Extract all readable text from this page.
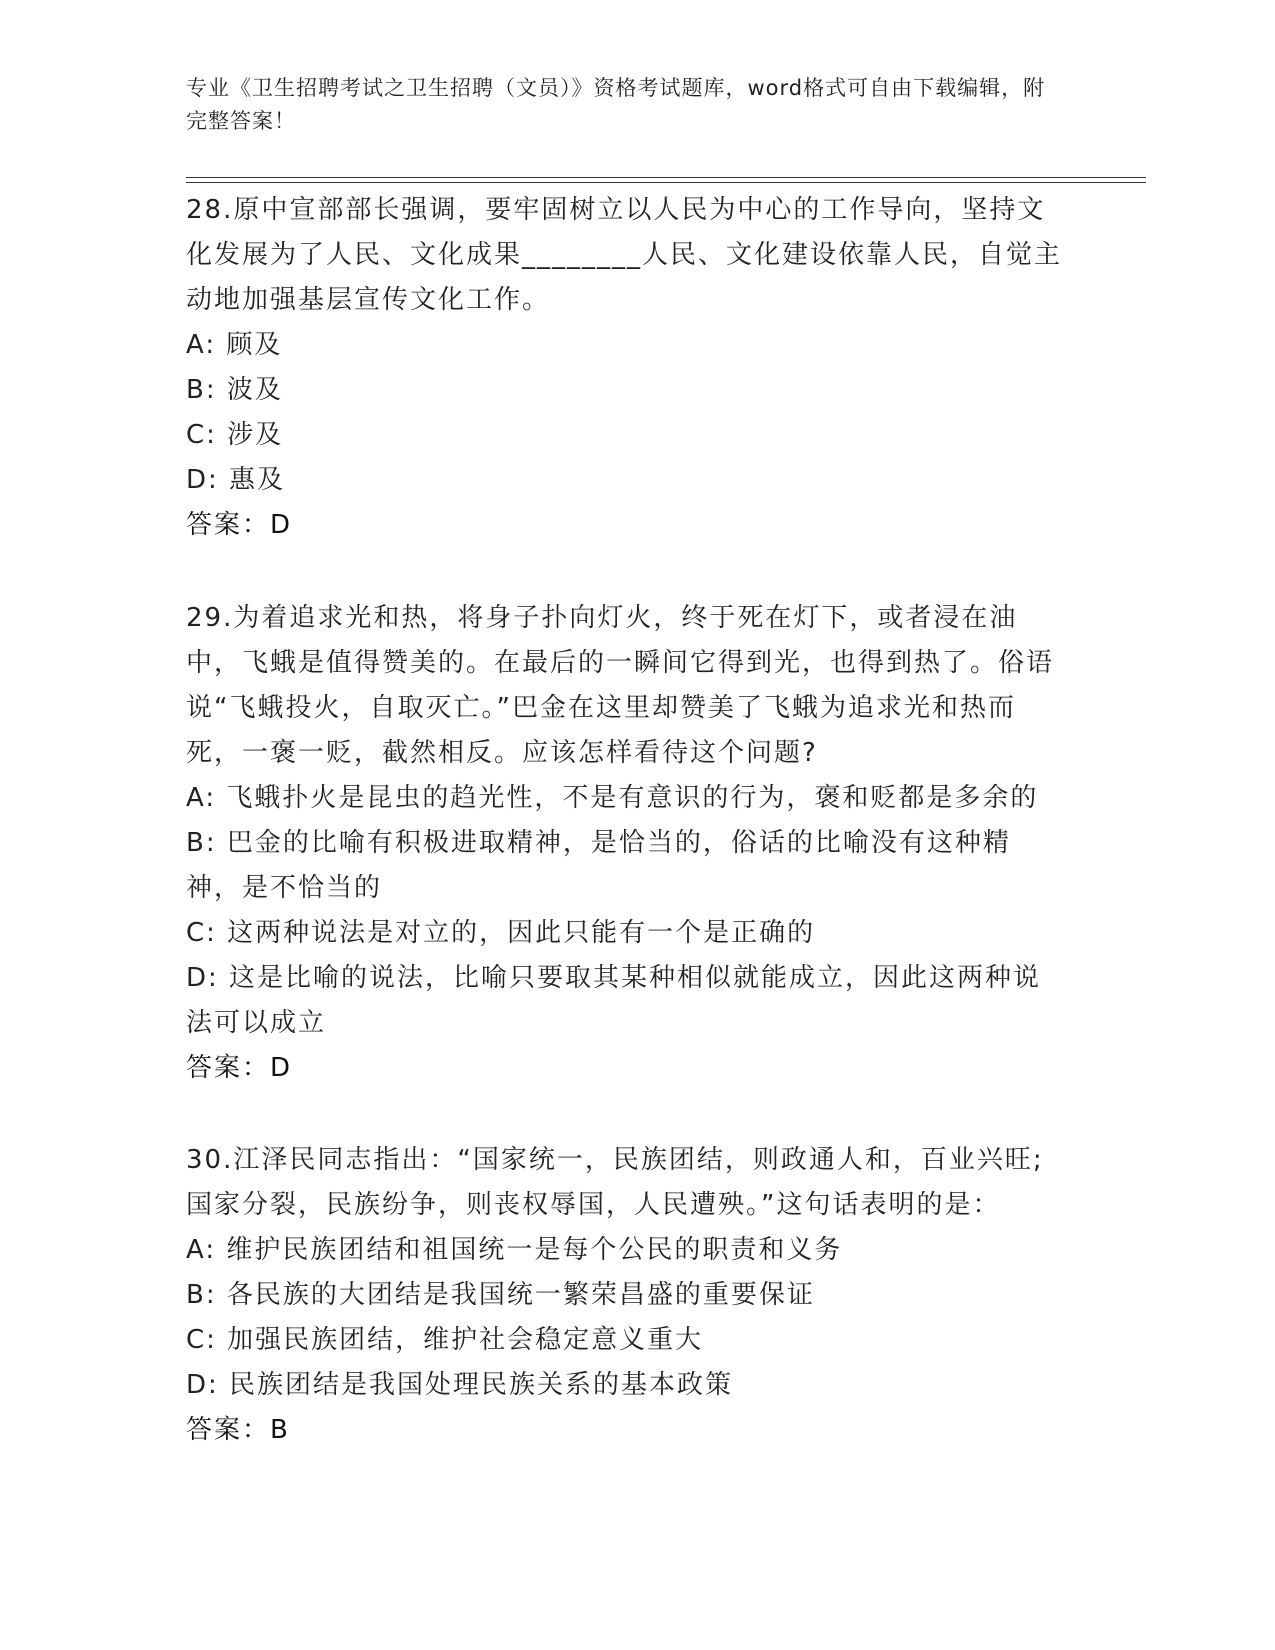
专业《卫生招聘考试之卫生招聘（文员）》资格考试题库，word格式可自由下载编辑，附完整答案！

28.原中宣部部长强调，要牢固树立以人民为中心的工作导向，坚持文化发展为了人民、文化成果________人民、文化建设依靠人民，自觉主动地加强基层宣传文化工作。

A: 顾及

B: 波及

C: 涉及

D: 惠及

答案：D

29.为着追求光和热，将身子扑向灯火，终于死在灯下，或者浸在油中，飞蛾是值得赞美的。在最后的一瞬间它得到光，也得到热了。俗语说“飞蛾投火，自取灭亡。”巴金在这里却赞美了飞蛾为追求光和热而死，一褒一贬，截然相反。应该怎样看待这个问题?

A: 飞蛾扑火是昆虫的趋光性，不是有意识的行为，褒和贬都是多余的

B: 巴金的比喻有积极进取精神，是恰当的，俗话的比喻没有这种精神，是不恰当的

C: 这两种说法是对立的，因此只能有一个是正确的

D: 这是比喻的说法，比喻只要取其某种相似就能成立，因此这两种说法可以成立

答案：D

30.江泽民同志指出：“国家统一，民族团结，则政通人和，百业兴旺;国家分裂，民族纷争，则丧权辱国，人民遭殃。”这句话表明的是：

A: 维护民族团结和祖国统一是每个公民的职责和义务

B: 各民族的大团结是我国统一繁荣昌盛的重要保证

C: 加强民族团结，维护社会稳定意义重大

D: 民族团结是我国处理民族关系的基本政策

答案：B
